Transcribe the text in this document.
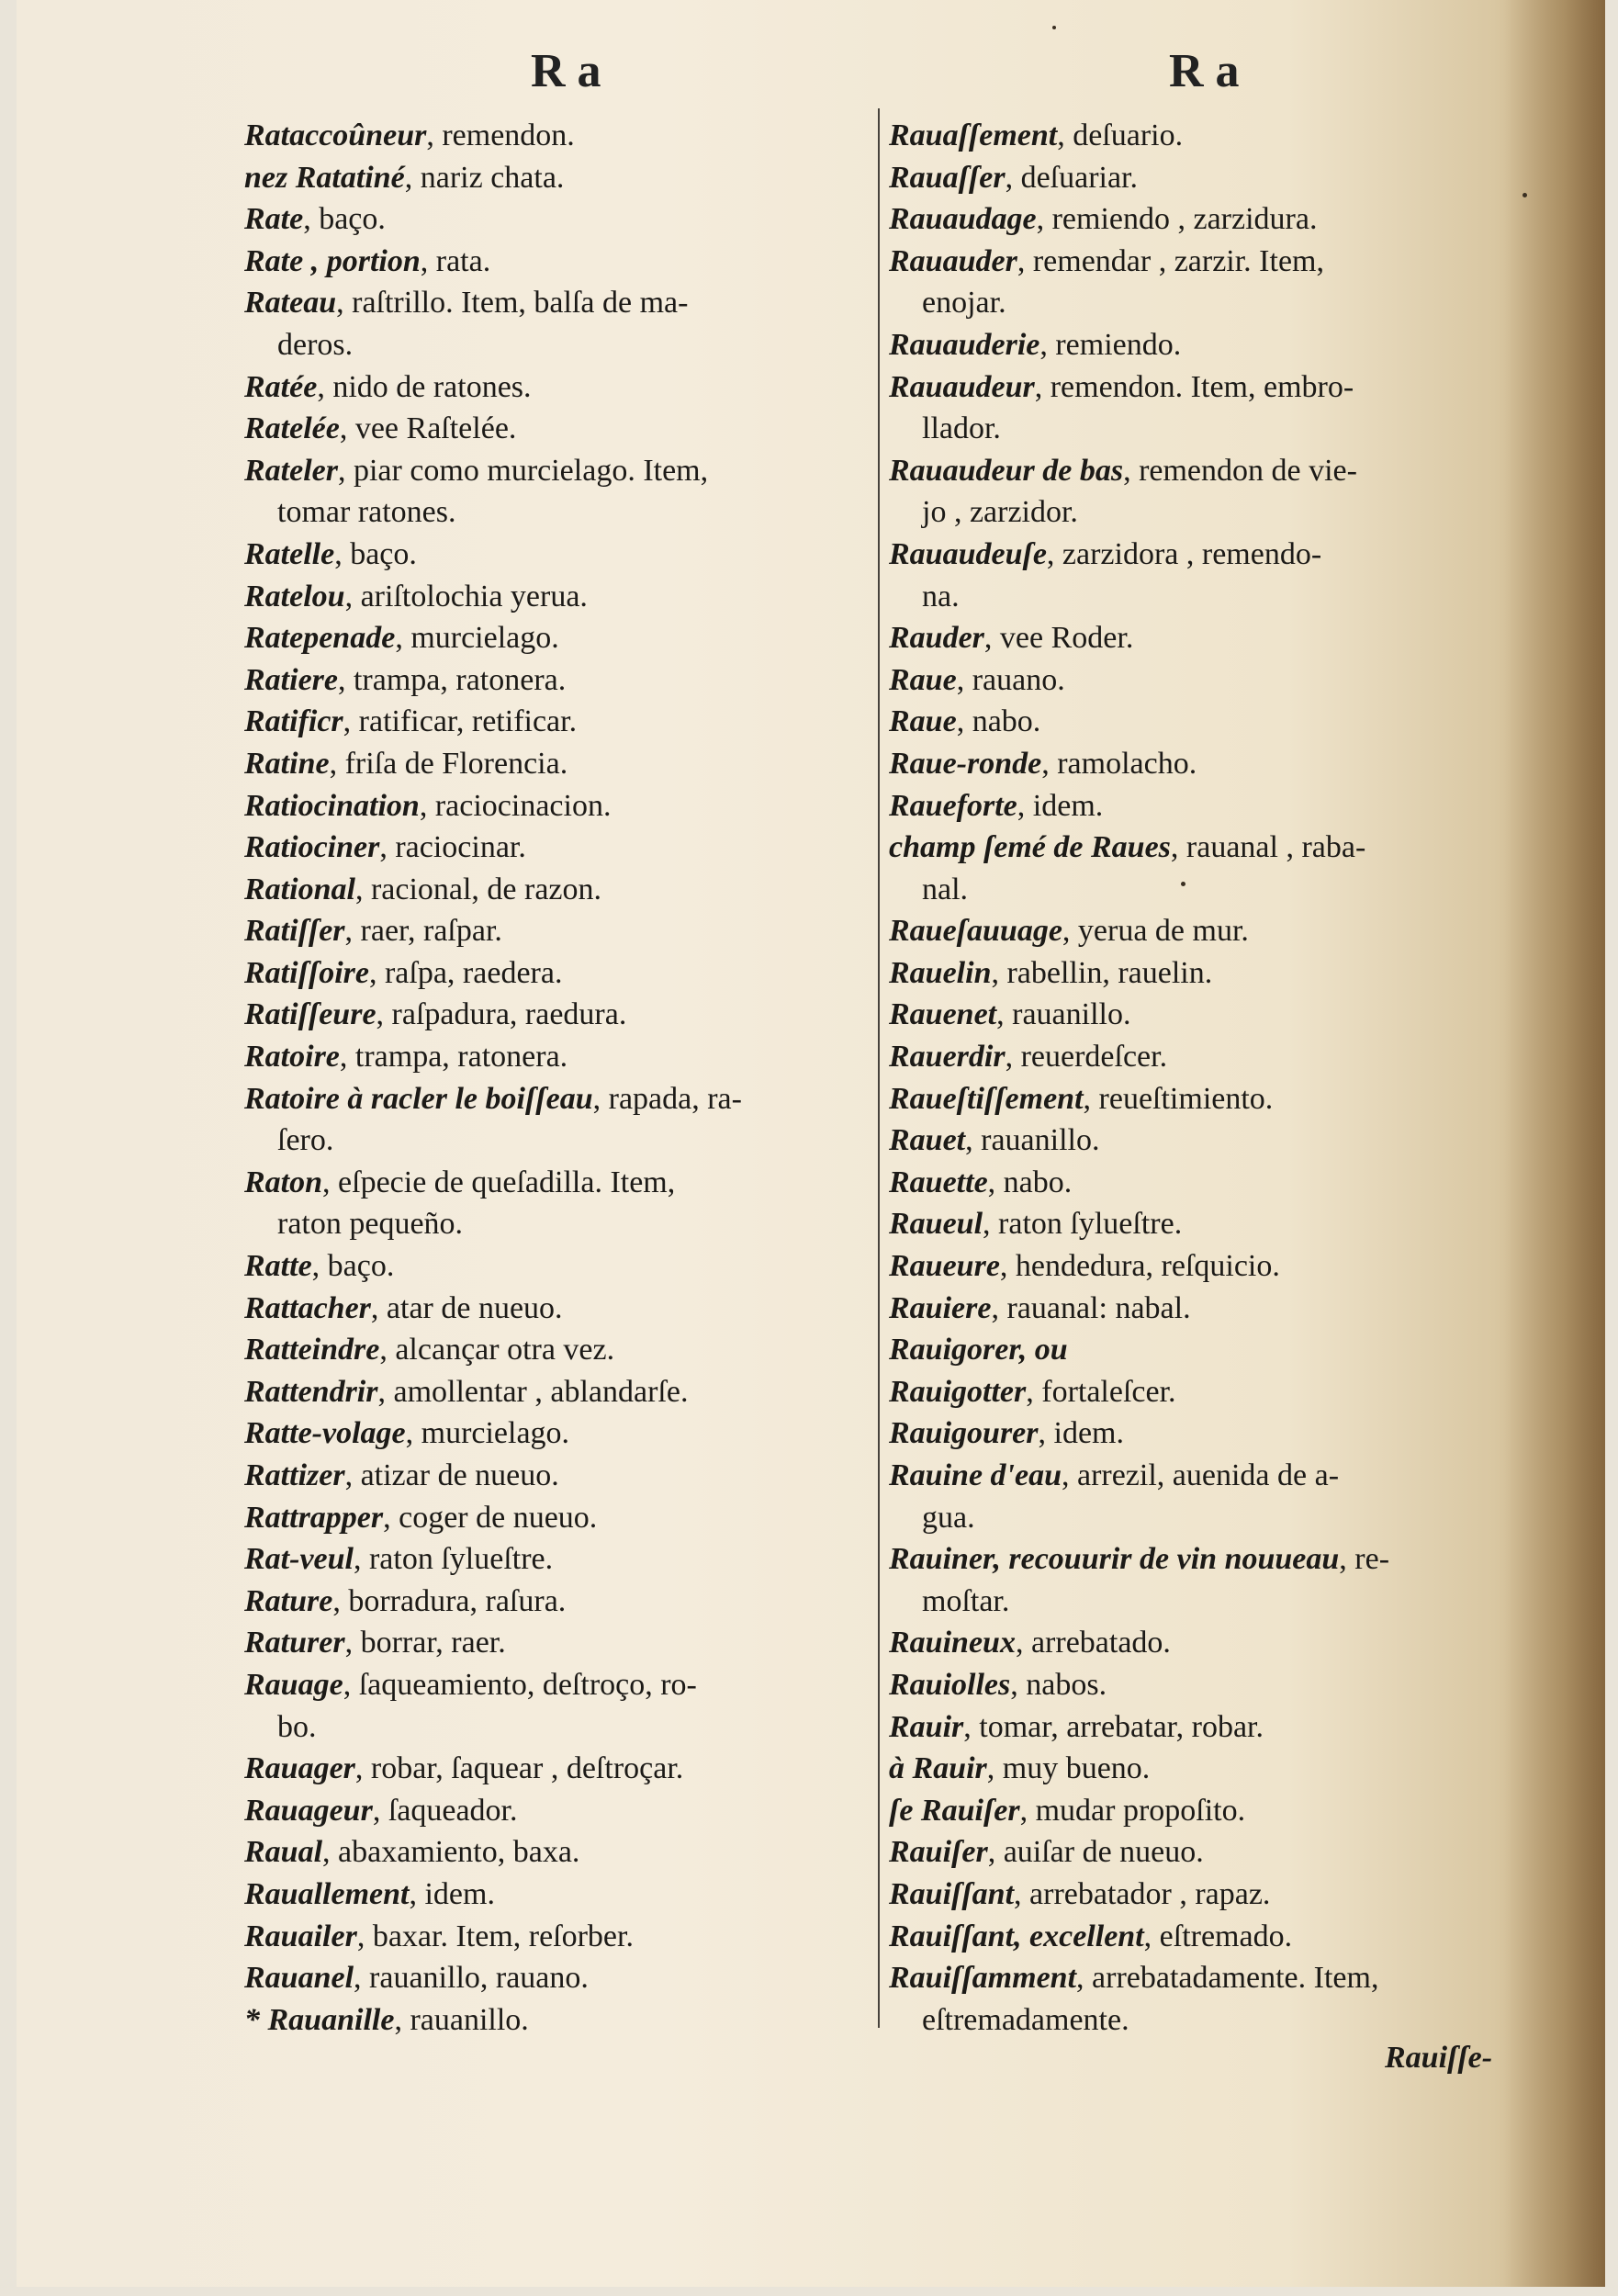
R a	R a
Rataccoûneur, remendon.
nez Ratatiné, nariz chata.
Rate, baço.
Rate , portion, rata.
Rateau, raſtrillo. Item, balſa de ma-
deros.
Ratée, nido de ratones.
Ratelée, vee Raſtelée.
Rateler, piar como murcielago. Item,
tomar ratones.
Ratelle, baço.
Ratelou, ariſtolochia yerua.
Ratepenade, murcielago.
Ratiere, trampa, ratonera.
Ratificr, ratificar, retificar.
Ratine, friſa de Florencia.
Ratiocination, raciocinacion.
Ratiociner, raciocinar.
Rational, racional, de razon.
Ratiſſer, raer, raſpar.
Ratiſſoire, raſpa, raedera.
Ratiſſeure, raſpadura, raedura.
Ratoire, trampa, ratonera.
Ratoire à racler le boiſſeau, rapada, ra-
ſero.
Raton, eſpecie de queſadilla. Item,
raton pequeño.
Ratte, baço.
Rattacher, atar de nueuo.
Ratteindre, alcançar otra vez.
Rattendrir, amollentar , ablandarſe.
Ratte-volage, murcielago.
Rattizer, atizar de nueuo.
Rattrapper, coger de nueuo.
Rat-veul, raton ſylueſtre.
Rature, borradura, raſura.
Raturer, borrar, raer.
Rauage, ſaqueamiento, deſtroço, ro-
bo.
Rauager, robar, ſaquear , deſtroçar.
Rauageur, ſaqueador.
Raual, abaxamiento, baxa.
Rauallement, idem.
Rauailer, baxar. Item, reſorber.
Rauanel, rauanillo, rauano.
* Rauanille, rauanillo.
Rauaſſement, deſuario.
Rauaſſer, deſuariar.
Rauaudage, remiendo , zarzidura.
Rauauder, remendar , zarzir. Item,
enojar.
Rauauderie, remiendo.
Rauaudeur, remendon. Item, embro-
llador.
Rauaudeur de bas, remendon de vie-
jo , zarzidor.
Rauaudeuſe, zarzidora , remendo-
na.
Rauder, vee Roder.
Raue, rauano.
Raue, nabo.
Raue-ronde, ramolacho.
Raueforte, idem.
champ ſemé de Raues, rauanal , raba-
nal.
Raueſauuage, yerua de mur.
Rauelin, rabellin, rauelin.
Rauenet, rauanillo.
Rauerdir, reuerdeſcer.
Raueſtiſſement, reueſtimiento.
Rauet, rauanillo.
Rauette, nabo.
Raueul, raton ſylueſtre.
Raueure, hendedura, reſquicio.
Rauiere, rauanal: nabal.
Rauigorer, ou
Rauigotter, fortaleſcer.
Rauigourer, idem.
Rauine d'eau, arrezil, auenida de a-
gua.
Rauiner, recouurir de vin nouueau, re-
moſtar.
Rauineux, arrebatado.
Rauiolles, nabos.
Rauir, tomar, arrebatar, robar.
à Rauir, muy bueno.
ſe Rauiſer, mudar propoſito.
Rauiſer, auiſar de nueuo.
Rauiſſant, arrebatador , rapaz.
Rauiſſant, excellent, eſtremado.
Rauiſſamment, arrebatadamente. Item,
eſtremadamente.
Rauiſſe-
